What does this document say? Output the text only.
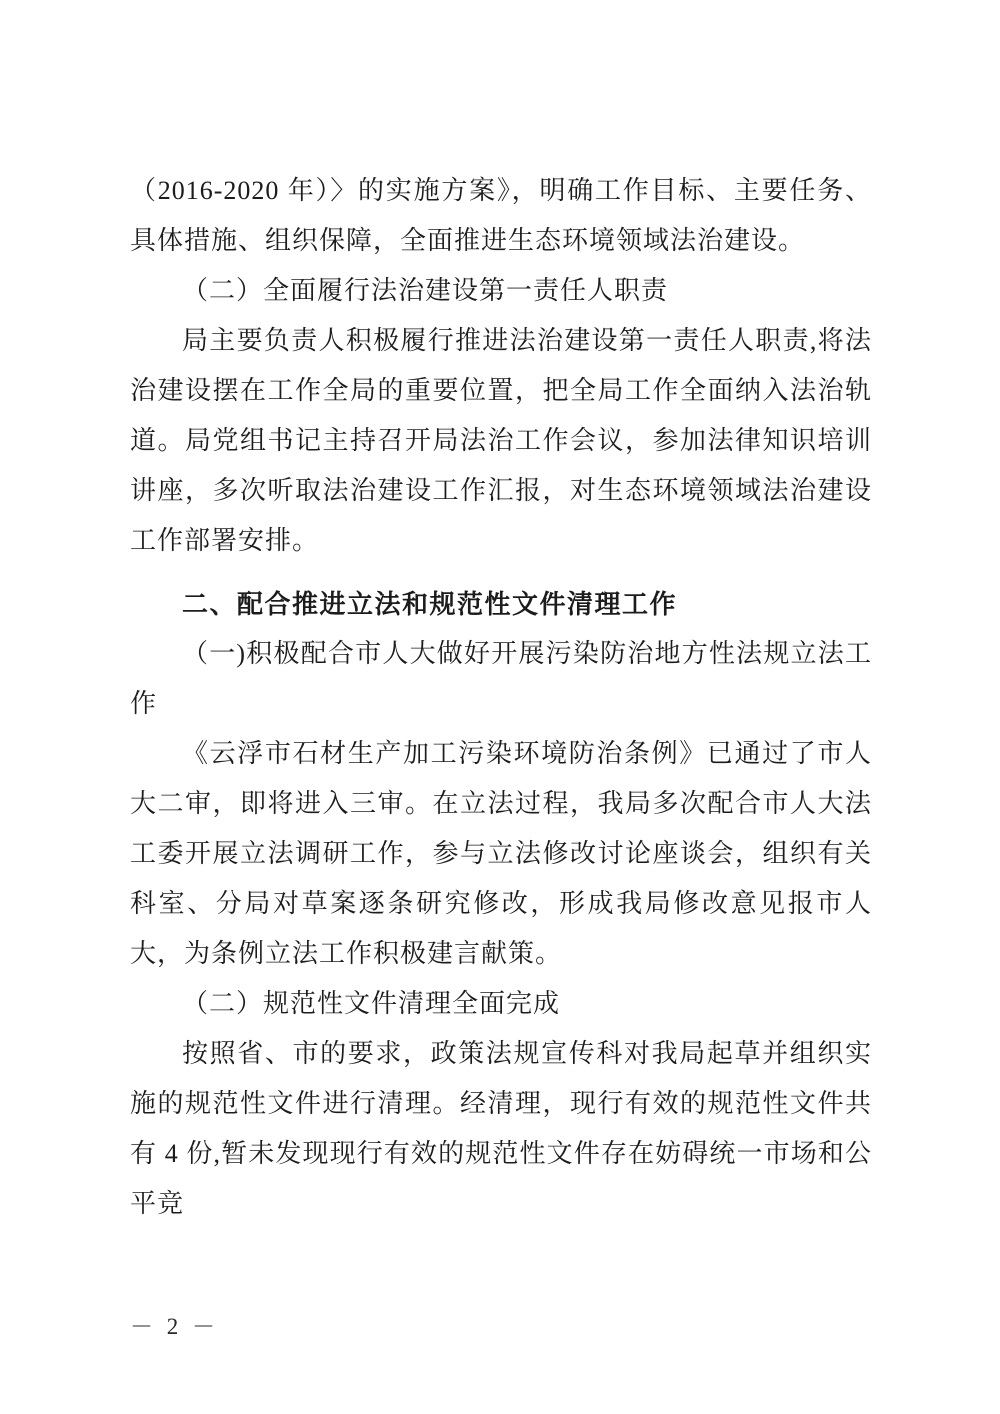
（2016-2020 年）〉的实施方案》，明确工作目标、主要任务、具体措施、组织保障，全面推进生态环境领域法治建设。

（二）全面履行法治建设第一责任人职责

局主要负责人积极履行推进法治建设第一责任人职责,将法治建设摆在工作全局的重要位置，把全局工作全面纳入法治轨道。局党组书记主持召开局法治工作会议，参加法律知识培训讲座，多次听取法治建设工作汇报，对生态环境领域法治建设工作部署安排。

二、配合推进立法和规范性文件清理工作

（一)积极配合市人大做好开展污染防治地方性法规立法工作

《云浮市石材生产加工污染环境防治条例》已通过了市人大二审，即将进入三审。在立法过程，我局多次配合市人大法工委开展立法调研工作，参与立法修改讨论座谈会，组织有关科室、分局对草案逐条研究修改，形成我局修改意见报市人大，为条例立法工作积极建言献策。

（二）规范性文件清理全面完成

按照省、市的要求，政策法规宣传科对我局起草并组织实施的规范性文件进行清理。经清理，现行有效的规范性文件共有 4 份,暂未发现现行有效的规范性文件存在妨碍统一市场和公平竞

－ 2 －
